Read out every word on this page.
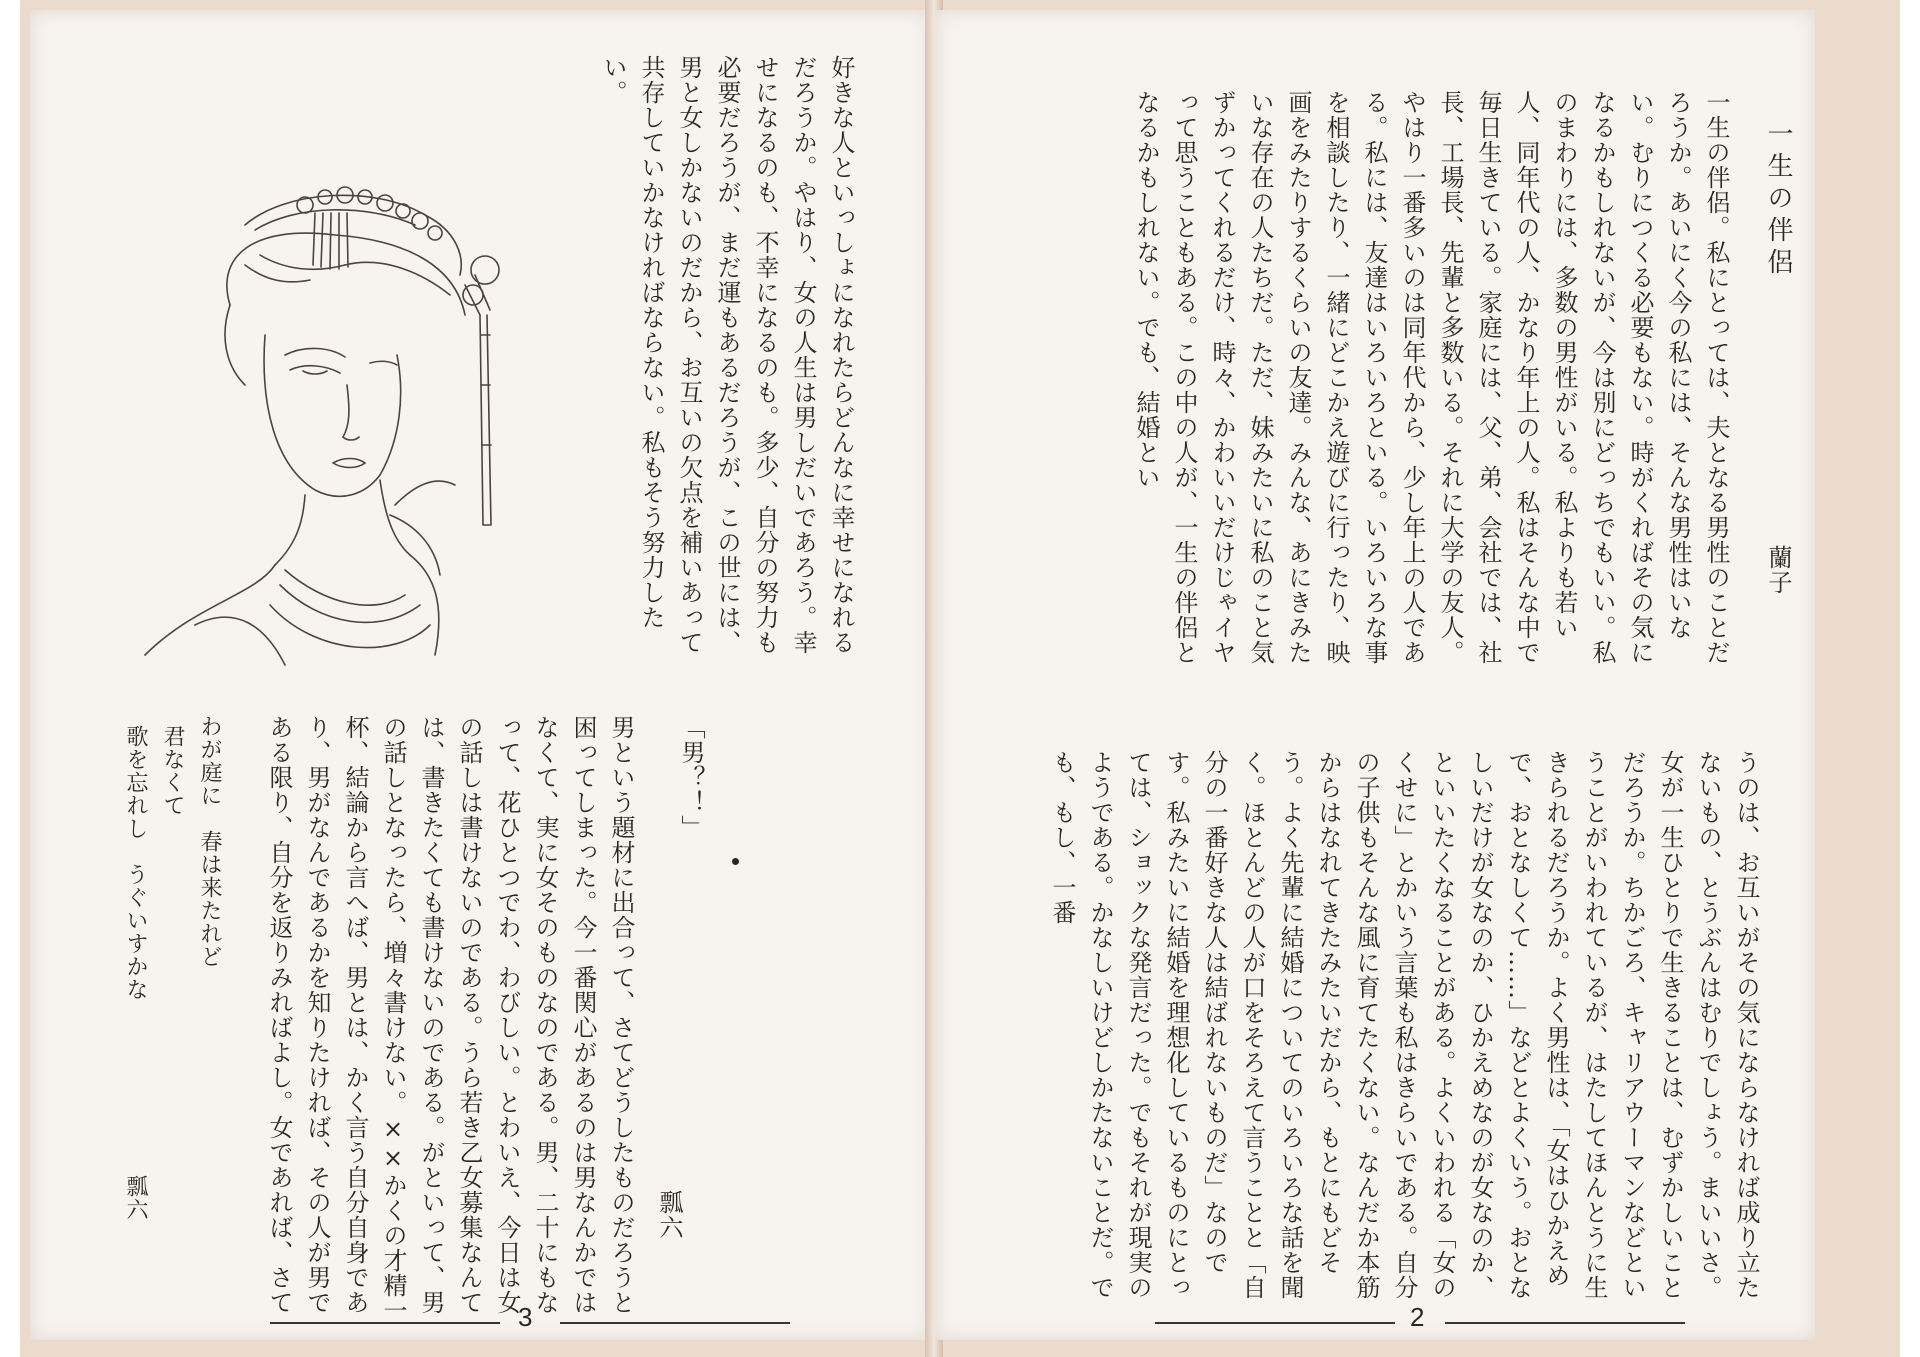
好きな人といっしょになれたらどんなに幸せになれるだろうか。やはり、女の人生は男しだいであろう。幸せになるのも、不幸になるのも。多少、自分の努力も必要だろうが、まだ運もあるだろうが、この世には、男と女しかないのだから、お互いの欠点を補いあって共存していかなければならない。私もそう努力したい。
「男？！」
瓢六
男という題材に出合って、さてどうしたものだろうと困ってしまった。今一番関心があるのは男なんかではなくて、実に女そのものなのである。男、二十にもなって、花ひとつでわ、わびしい。とわいえ、今日は女の話しは書けないのである。うら若き乙女募集なんては、書きたくても書けないのである。がといって、男の話しとなったら、増々書けない。××かくの才精一杯、結論から言へば、男とは、かく言う自分自身であり、男がなんであるかを知りたければ、その人が男である限り、自分を返りみればよし。女であれば、さて
わが庭に　春は来たれど
君なくて
歌を忘れし　うぐいすかな
瓢六
3
一生の伴侶
蘭子
一生の伴侶。私にとっては、夫となる男性のことだろうか。あいにく今の私には、そんな男性はいない。むりにつくる必要もない。時がくればその気になるかもしれないが、今は別にどっちでもいい。私のまわりには、多数の男性がいる。私よりも若い人、同年代の人、かなり年上の人。私はそんな中で毎日生きている。家庭には、父、弟、会社では、社長、工場長、先輩と多数いる。それに大学の友人。やはり一番多いのは同年代から、少し年上の人である。私には、友達はいろいろといる。いろいろな事を相談したり、一緒にどこかえ遊びに行ったり、映画をみたりするくらいの友達。みんな、あにきみたいな存在の人たちだ。ただ、妹みたいに私のこと気ずかってくれるだけ、時々、かわいいだけじゃイヤって思うこともある。この中の人が、一生の伴侶となるかもしれない。でも、結婚とい
うのは、お互いがその気にならなければ成り立たないもの、とうぶんはむりでしょう。まいいさ。女が一生ひとりで生きることは、むずかしいことだろうか。ちかごろ、キャリアウーマンなどということがいわれているが、はたしてほんとうに生きられるだろうか。よく男性は、「女はひかえめで、おとなしくて……」などとよくいう。おとなしいだけが女なのか、ひかえめなのが女なのか、といいたくなることがある。よくいわれる「女のくせに」とかいう言葉も私はきらいである。自分の子供もそんな風に育てたくない。なんだか本筋からはなれてきたみたいだから、もとにもどそう。よく先輩に結婚についてのいろいろな話を聞く。ほとんどの人が口をそろえて言うことと「自分の一番好きな人は結ばれないものだ」なのです。私みたいに結婚を理想化しているものにとっては、ショックな発言だった。でもそれが現実のようである。かなしいけどしかたないことだ。でも、もし、一番
2
